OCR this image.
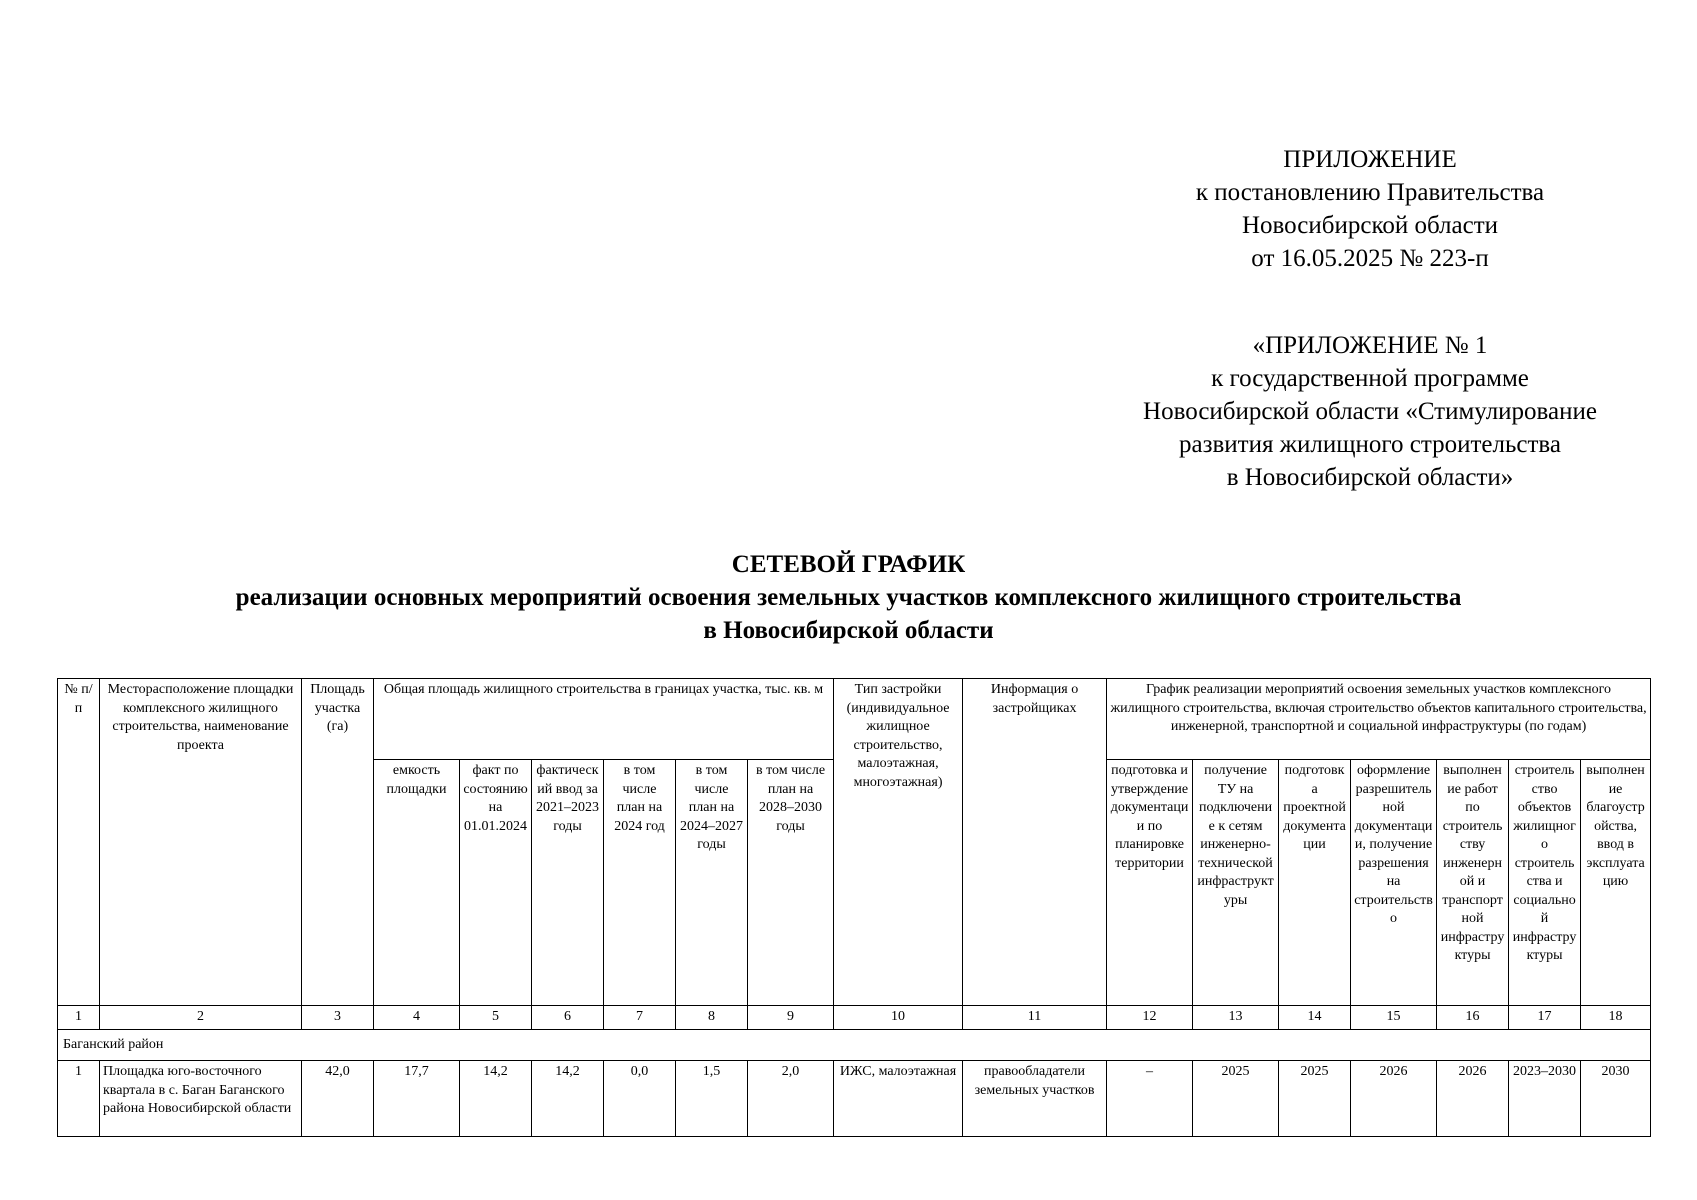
ПРИЛОЖЕНИЕ
к постановлению Правительства
Новосибирской области
от 16.05.2025 № 223-п
«ПРИЛОЖЕНИЕ № 1
к государственной программе
Новосибирской области «Стимулирование
развития жилищного строительства
в Новосибирской области»
СЕТЕВОЙ ГРАФИК
реализации основных мероприятий освоения земельных участков комплексного жилищного строительства
в Новосибирской области
№ п/п	Месторасположение площадки комплексного жилищного строительства, наименование проекта	Площадь участка (га)	Общая площадь жилищного строительства в границах участка, тыс. кв. м						Тип застройки (индивидуальное жилищное строительство, малоэтажная, многоэтажная)	Информация о застройщиках	График реализации мероприятий освоения земельных участков комплексного жилищного строительства, включая строительство объектов капитального строительства, инженерной, транспортной и социальной инфраструктуры (по годам)						
			емкость площадки	факт по состоянию на 01.01.2024	фактический ввод за 2021–2023 годы	в том числе план на 2024 год	в том числе план на 2024–2027 годы	в том числе план на 2028–2030 годы			подготовка и утверждение документации по планировке территории	получение ТУ на подключение к сетям инженерно-технической инфраструктуры	подготовка проектной документации	оформление разрешительной документации, получение разрешения на строительство	выполнение работ по строительству инженерной и транспортной инфраструктуры	строительство объектов жилищного строительства и социальной инфраструктуры	выполнение благоустройства, ввод в эксплуатацию
1	2	3	4	5	6	7	8	9	10	11	12	13	14	15	16	17	18
Баганский район																	
1	Площадка юго-восточного квартала в с. Баган Баганского района Новосибирской области	42,0	17,7	14,2	14,2	0,0	1,5	2,0	ИЖС, малоэтажная	правообладатели земельных участков	–	2025	2025	2026	2026	2023–2030	2030
